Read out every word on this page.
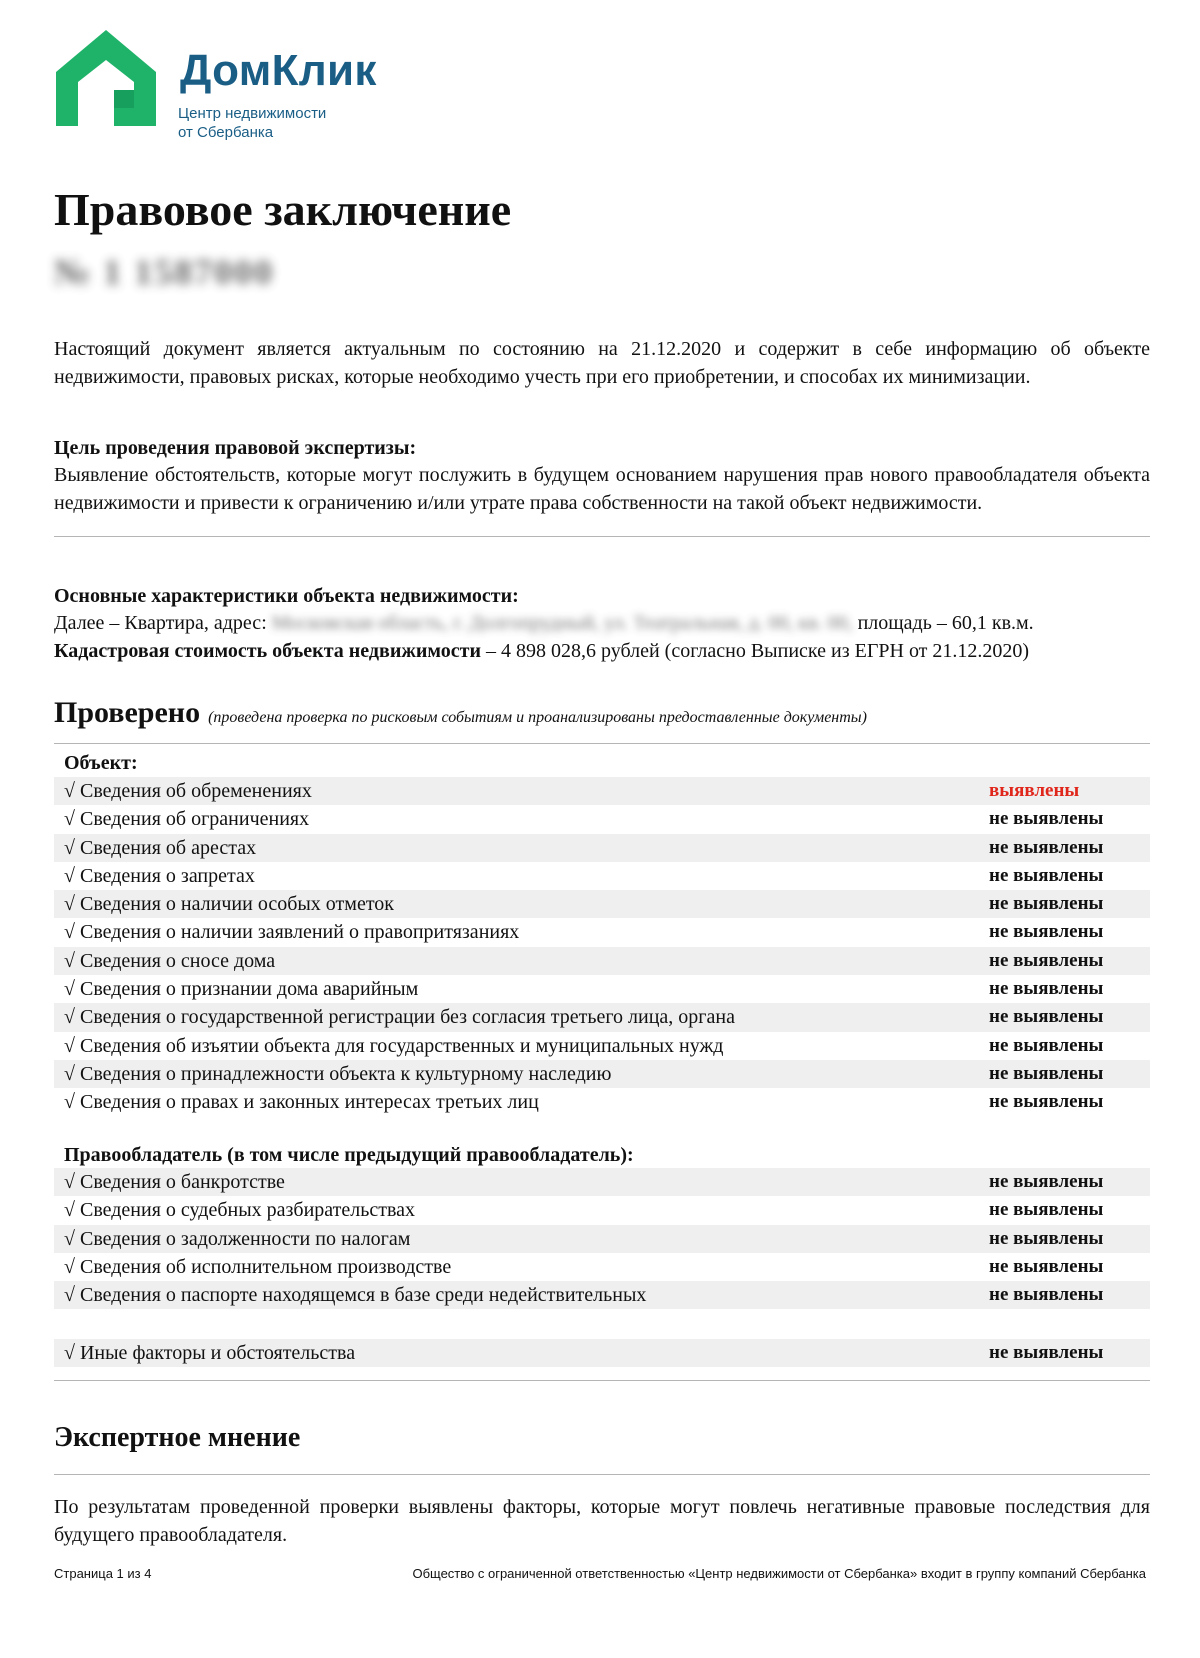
ДомКлик
Центр недвижимости
от Сбербанка
Правовое заключение
№ 1 1587000

Настоящий документ является актуальным по состоянию на 21.12.2020 и содержит в себе информацию об объекте недвижимости, правовых рисках, которые необходимо учесть при его приобретении, и способах их минимизации.

Цель проведения правовой экспертизы:

Выявление обстоятельств, которые могут послужить в будущем основанием нарушения прав нового правообладателя объекта недвижимости и привести к ограничению и/или утрате права собственности на такой объект недвижимости.

Основные характеристики объекта недвижимости:
Далее – Квартира, адрес: Московская область, г. Долгопрудный, ул. Театральная, д. 00, кв. 00, площадь – 60,1 кв.м.
Кадастровая стоимость объекта недвижимости – 4 898 028,6 рублей (согласно Выписке из ЕГРН от 21.12.2020)
Проверено (проведена проверка по рисковым событиям и проанализированы предоставленные документы)
Объект:
√ Сведения об обременениях	выявлены
√ Сведения об ограничениях	не выявлены
√ Сведения об арестах	не выявлены
√ Сведения о запретах	не выявлены
√ Сведения о наличии особых отметок	не выявлены
√ Сведения о наличии заявлений о правопритязаниях	не выявлены
√ Сведения о сносе дома	не выявлены
√ Сведения о признании дома аварийным	не выявлены
√ Сведения о государственной регистрации без согласия третьего лица, органа	не выявлены
√ Сведения об изъятии объекта для государственных и муниципальных нужд	не выявлены
√ Сведения о принадлежности объекта к культурному наследию	не выявлены
√ Сведения о правах и законных интересах третьих лиц	не выявлены
Правообладатель (в том числе предыдущий правообладатель):
√ Сведения о банкротстве	не выявлены
√ Сведения о судебных разбирательствах	не выявлены
√ Сведения о задолженности по налогам	не выявлены
√ Сведения об исполнительном производстве	не выявлены
√ Сведения о паспорте находящемся в базе среди недействительных	не выявлены
√ Иные факторы и обстоятельства	не выявлены
Экспертное мнение

По результатам проведенной проверки выявлены факторы, которые могут повлечь негативные правовые последствия для будущего правообладателя.

Страница 1 из 4	Общество с ограниченной ответственностью «Центр недвижимости от Сбербанка» входит в группу компаний Сбербанка
